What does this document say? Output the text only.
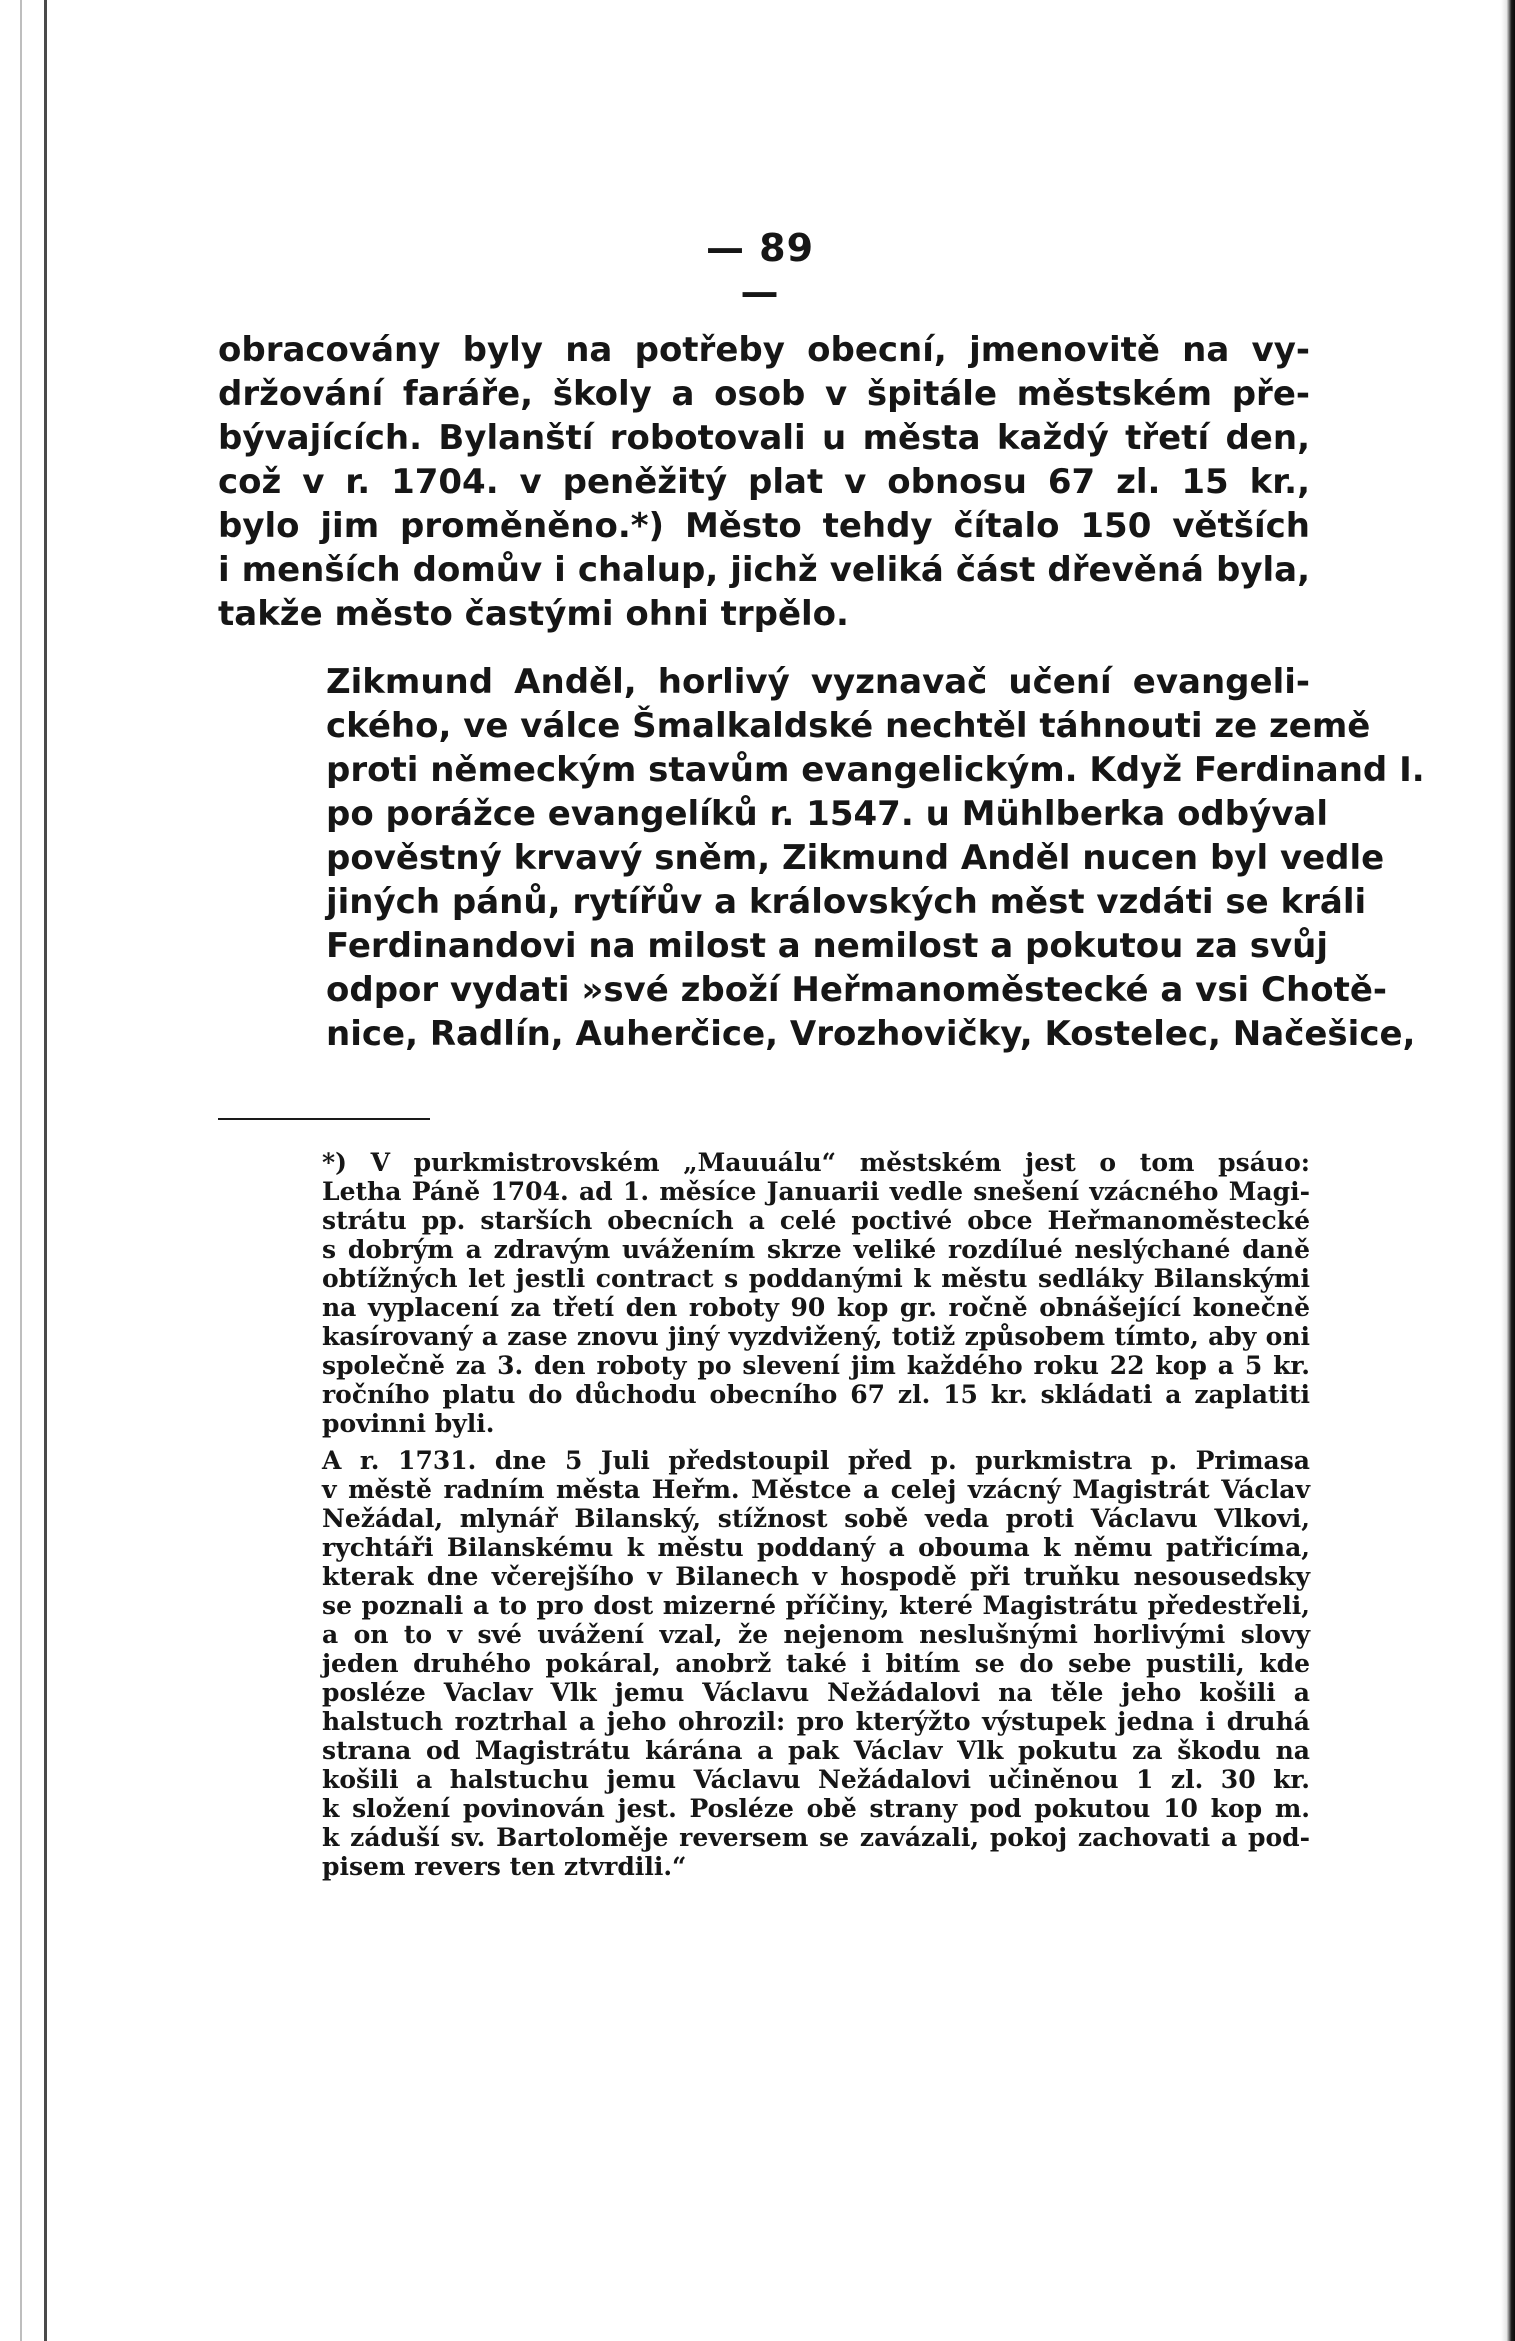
— 89 —

obracovány byly na potřeby obecní, jmenovitě na vy-
držování faráře, školy a osob v špitále městském pře-
bývajících. Bylanští robotovali u města každý třetí den,
což v r. 1704. v peněžitý plat v obnosu 67 zl. 15 kr.,
bylo jim proměněno.*) Město tehdy čítalo 150 větších
i menších domův i chalup, jichž veliká část dřevěná byla,
takže město častými ohni trpělo.

Zikmund Anděl, horlivý vyznavač učení evangeli-
ckého, ve válce Šmalkaldské nechtěl táhnouti ze země
proti německým stavům evangelickým. Když Ferdinand I.
po porážce evangelíků r. 1547. u Mühlberka odbýval
pověstný krvavý sněm, Zikmund Anděl nucen byl vedle
jiných pánů, rytířův a královských měst vzdáti se králi
Ferdinandovi na milost a nemilost a pokutou za svůj
odpor vydati »své zboží Heřmanoměstecké a vsi Chotě-
nice, Radlín, Auherčice, Vrozhovičky, Kostelec, Načešice,

*) V purkmistrovském „Mauuálu“ městském jest o tom psáuo:
Letha Páně 1704. ad 1. měsíce Januarii vedle snešení vzácného Magi-
strátu pp. starších obecních a celé poctivé obce Heřmanoměstecké
s dobrým a zdravým uvážením skrze veliké rozdílué neslýchané daně
obtížných let jestli contract s poddanými k městu sedláky Bilanskými
na vyplacení za třetí den roboty 90 kop gr. ročně obnášející konečně
kasírovaný a zase znovu jiný vyzdvižený, totiž způsobem tímto, aby oni
společně za 3. den roboty po slevení jim každého roku 22 kop a 5 kr.
ročního platu do důchodu obecního 67 zl. 15 kr. skládati a zaplatiti
povinni byli.

A r. 1731. dne 5 Juli předstoupil před p. purkmistra p. Primasa
v městě radním města Heřm. Městce a celej vzácný Magistrát Václav
Nežádal, mlynář Bilanský, stížnost sobě veda proti Václavu Vlkovi,
rychtáři Bilanskému k městu poddaný a obouma k němu patřicíma,
kterak dne včerejšího v Bilanech v hospodě při truňku nesousedsky
se poznali a to pro dost mizerné příčiny, které Magistrátu předestřeli,
a on to v své uvážení vzal, že nejenom neslušnými horlivými slovy
jeden druhého pokáral, anobrž také i bitím se do sebe pustili, kde
posléze Vaclav Vlk jemu Václavu Nežádalovi na těle jeho košili a
halstuch roztrhal a jeho ohrozil: pro kterýžto výstupek jedna i druhá
strana od Magistrátu kárána a pak Václav Vlk pokutu za škodu na
košili a halstuchu jemu Václavu Nežádalovi učiněnou 1 zl. 30 kr.
k složení povinován jest. Posléze obě strany pod pokutou 10 kop m.
k záduší sv. Bartoloměje reversem se zavázali, pokoj zachovati a pod-
pisem revers ten ztvrdili.“
